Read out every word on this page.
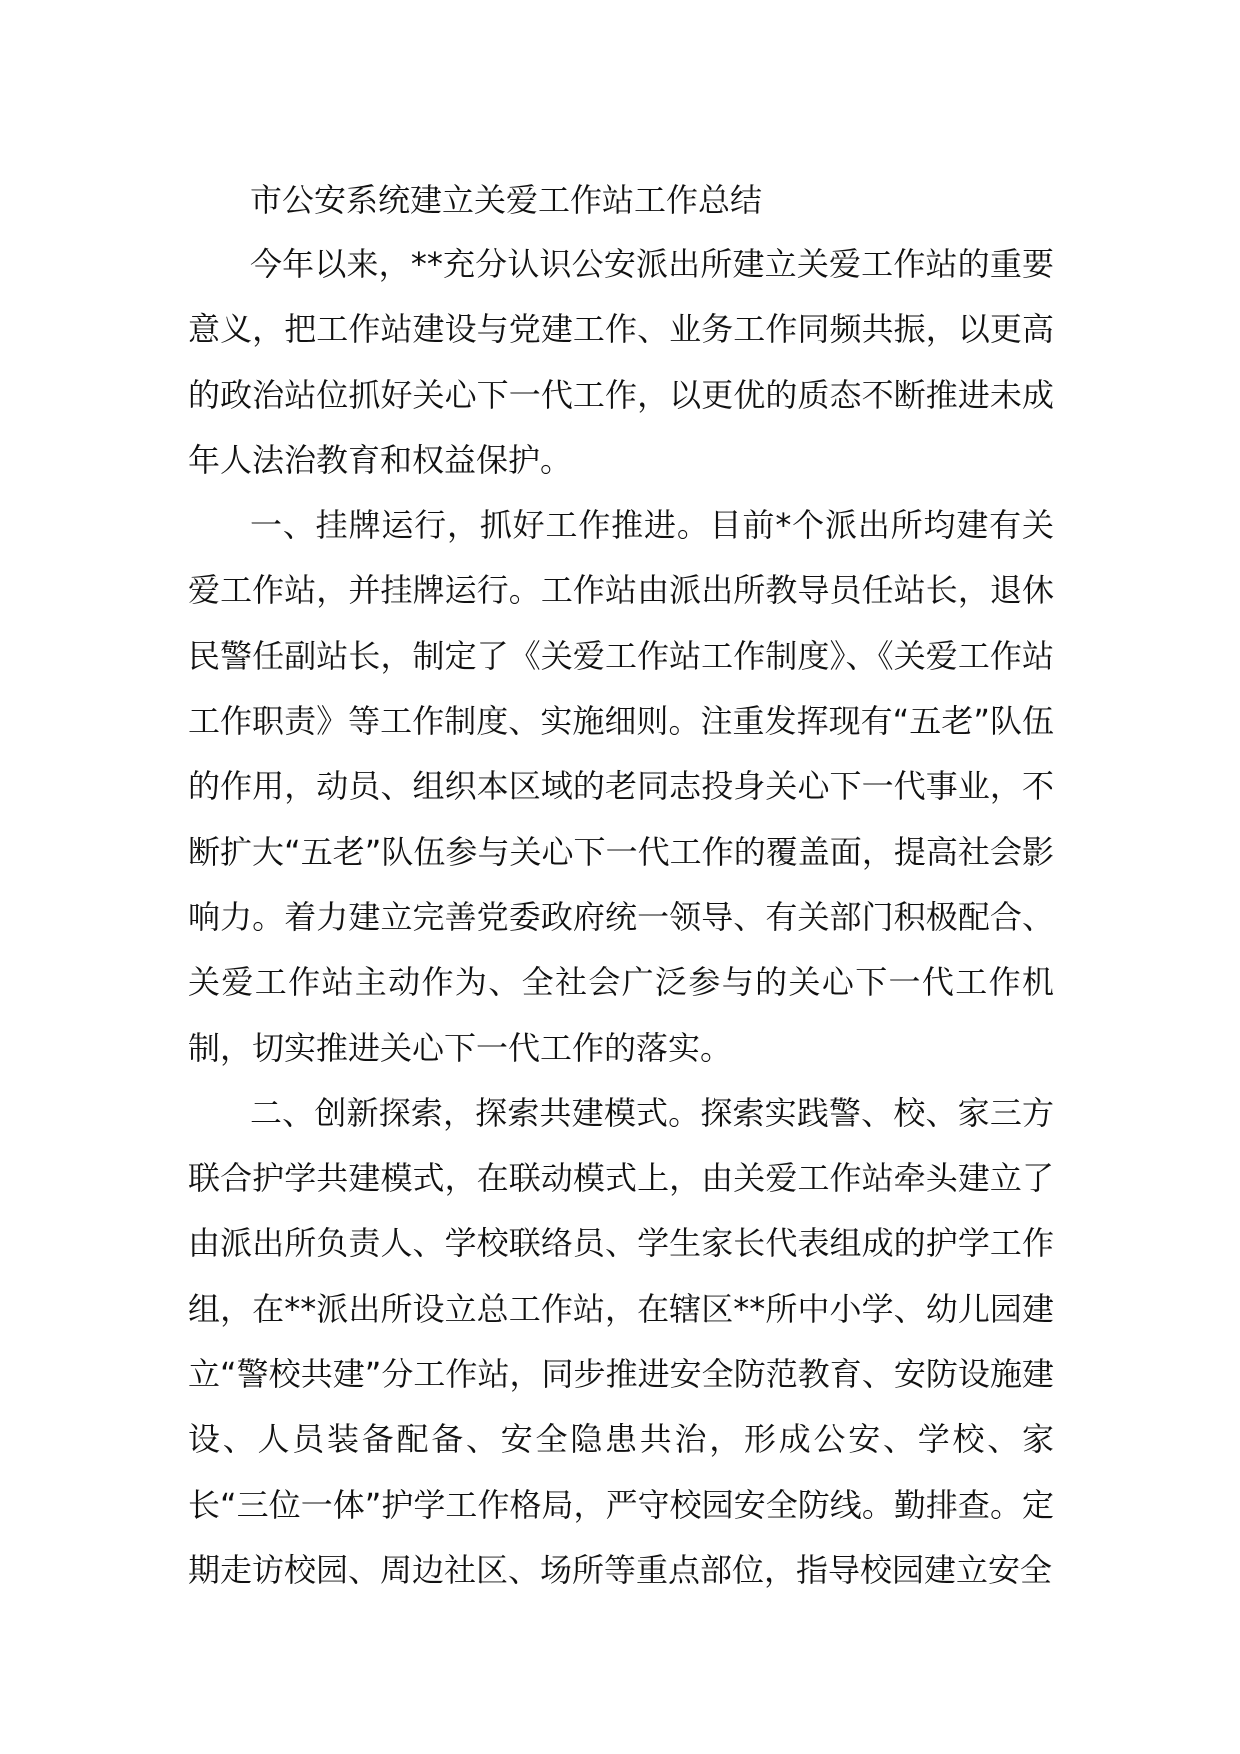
市公安系统建立关爱工作站工作总结

今年以来，**充分认识公安派出所建立关爱工作站的重要意义，把工作站建设与党建工作、业务工作同频共振，以更高的政治站位抓好关心下一代工作，以更优的质态不断推进未成年人法治教育和权益保护。

一、挂牌运行，抓好工作推进。目前*个派出所均建有关爱工作站，并挂牌运行。工作站由派出所教导员任站长，退休民警任副站长，制定了《关爱工作站工作制度》、《关爱工作站工作职责》等工作制度、实施细则。注重发挥现有“五老”队伍的作用，动员、组织本区域的老同志投身关心下一代事业，不断扩大“五老”队伍参与关心下一代工作的覆盖面，提高社会影响力。着力建立完善党委政府统一领导、有关部门积极配合、关爱工作站主动作为、全社会广泛参与的关心下一代工作机制，切实推进关心下一代工作的落实。

二、创新探索，探索共建模式。探索实践警、校、家三方联合护学共建模式，在联动模式上，由关爱工作站牵头建立了由派出所负责人、学校联络员、学生家长代表组成的护学工作组，在**派出所设立总工作站，在辖区**所中小学、幼儿园建立“警校共建”分工作站，同步推进安全防范教育、安防设施建设、人员装备配备、安全隐患共治，形成公安、学校、家长“三位一体”护学工作格局，严守校园安全防线。勤排查。定期走访校园、周边社区、场所等重点部位，指导校园建立安全
